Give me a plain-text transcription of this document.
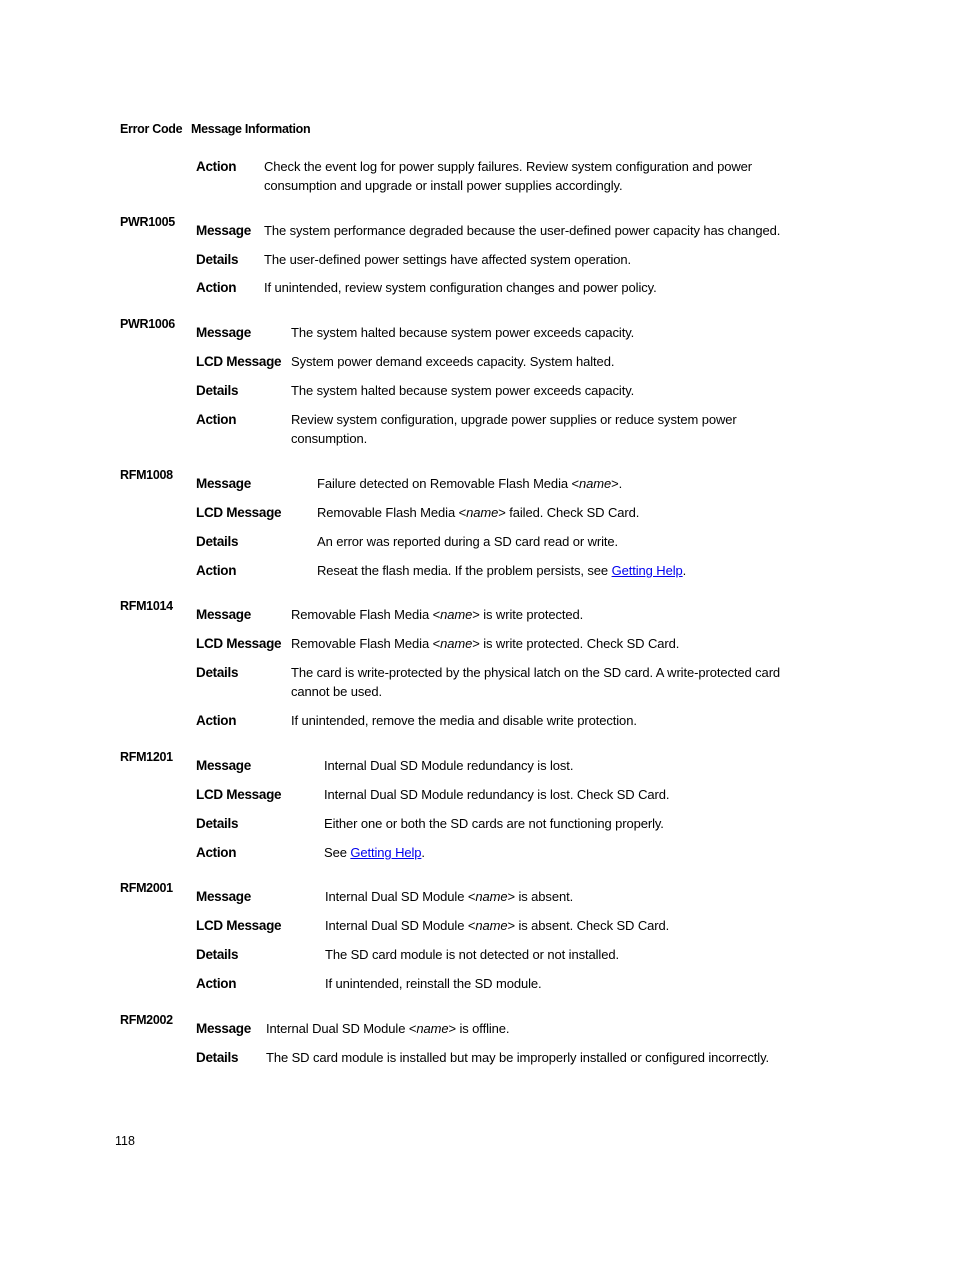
Error Code Message Information
Action Check the event log for power supply failures. Review system configuration and power consumption and upgrade or install power supplies accordingly.
PWR1005
Message The system performance degraded because the user-defined power capacity has changed.
Details The user-defined power settings have affected system operation.
Action If unintended, review system configuration changes and power policy.
PWR1006
Message	The system halted because system power exceeds capacity.
LCD Message System power demand exceeds capacity. System halted.
Details	The system halted because system power exceeds capacity.
Action	Review system configuration, upgrade power supplies or reduce system power consumption.
RFM1008
Message	Failure detected on Removable Flash Media <name>.
LCD Message	Removable Flash Media <name> failed. Check SD Card.
Details	An error was reported during a SD card read or write.
Action	Reseat the flash media. If the problem persists, see Getting Help.
RFM1014
Message	Removable Flash Media <name> is write protected.
LCD Message Removable Flash Media <name> is write protected. Check SD Card.
Details	The card is write-protected by the physical latch on the SD card. A write-protected card cannot be used.
Action	If unintended, remove the media and disable write protection.
RFM1201
Message	Internal Dual SD Module redundancy is lost.
LCD Message	Internal Dual SD Module redundancy is lost. Check SD Card.
Details	Either one or both the SD cards are not functioning properly.
Action	See Getting Help.
RFM2001
Message	Internal Dual SD Module <name> is absent.
LCD Message	Internal Dual SD Module <name> is absent. Check SD Card.
Details	The SD card module is not detected or not installed.
Action	If unintended, reinstall the SD module.
RFM2002
Message Internal Dual SD Module <name> is offline.
Details The SD card module is installed but may be improperly installed or configured incorrectly.
118
